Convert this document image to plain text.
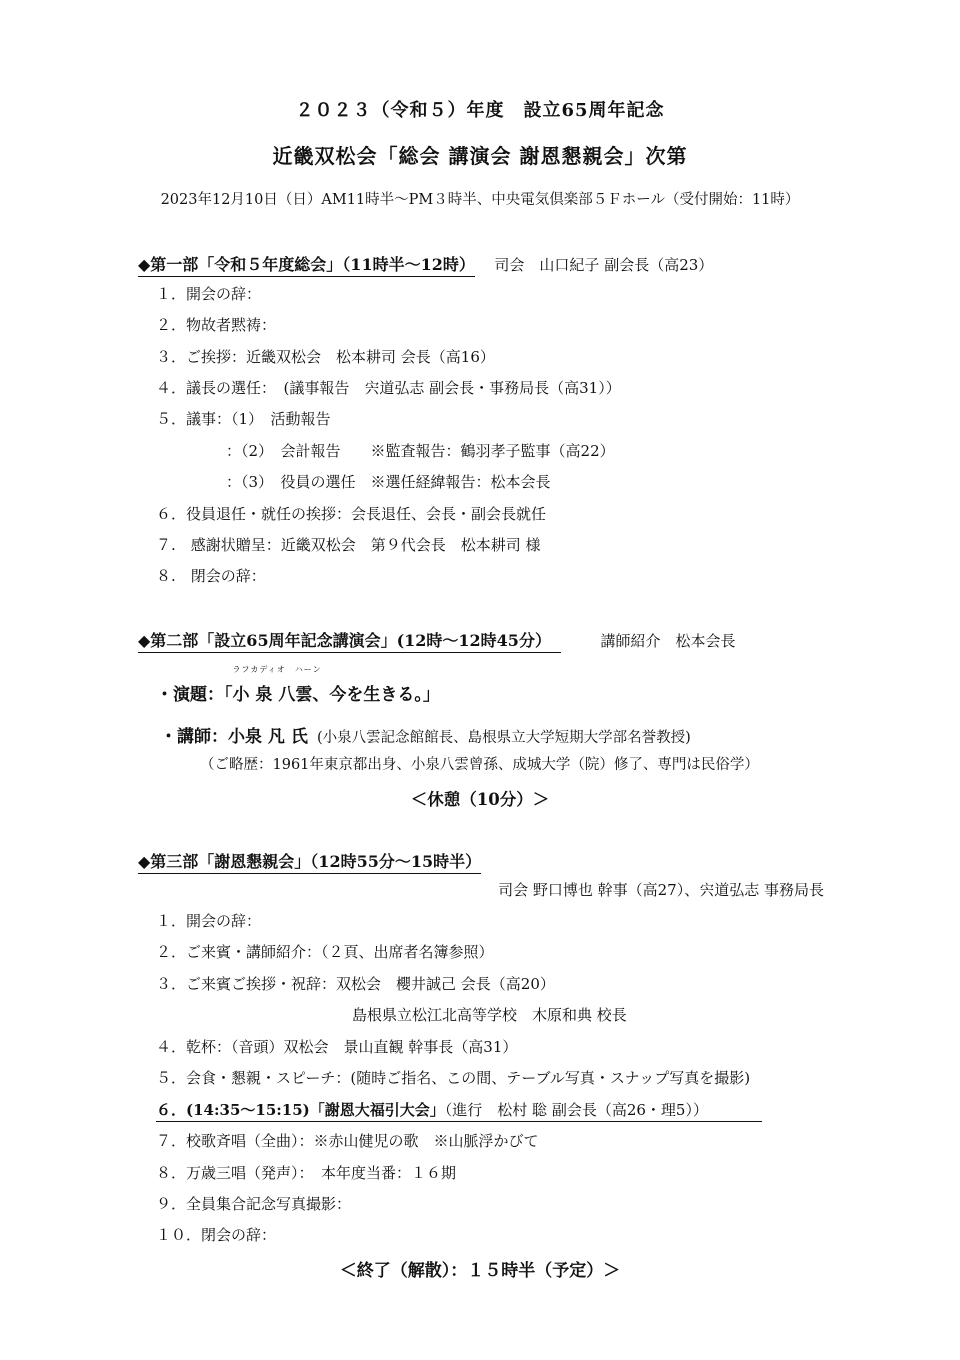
２０２３（令和５）年度　設立65周年記念
近畿双松会「総会 講演会 謝恩懇親会」次第
2023年12月10日（日）AM11時半～PM３時半、中央電気倶楽部５Ｆホール（受付開始：11時）
◆第一部「令和５年度総会」（11時半～12時） 司会　山口紀子 副会長（高23）
１．開会の辞：
２．物故者黙祷：
３．ご挨拶：近畿双松会　松本耕司 会長（高16）
４．議長の選任：　(議事報告　宍道弘志 副会長・事務局長（高31））
５．議事：（1）　活動報告
：（2）　会計報告　　※監査報告：鶴羽孝子監事（高22）
：（3）　役員の選任　※選任経緯報告：松本会長
６．役員退任・就任の挨拶：会長退任、会長・副会長就任
７.　感謝状贈呈：近畿双松会　第９代会長　松本耕司 様
８.　閉会の辞：
◆第二部「設立65周年記念講演会」(12時～12時45分）	講師紹介　松本会長
・演題：「
ラフカディオ　ハーン
小 泉 八雲、今を生きる。」
・講師：小泉 凡 氏 (小泉八雲記念館館長、島根県立大学短期大学部名誉教授)
（ご略歴：1961年東京都出身、小泉八雲曾孫、成城大学（院）修了、専門は民俗学）
＜休憩（10分）＞
◆第三部「謝恩懇親会」（12時55分～15時半）
司会 野口博也 幹事（高27）、宍道弘志 事務局長
１．開会の辞：
２．ご来賓・講師紹介：（２頁、出席者名簿参照）
３．ご来賓ご挨拶・祝辞：双松会　櫻井誠己 会長（高20）
島根県立松江北高等学校　木原和典 校長
４．乾杯：（音頭）双松会　景山直観 幹事長（高31）
５．会食・懇親・スピーチ：(随時ご指名、この間、テーブル写真・スナップ写真を撮影)
６．(14:35～15:15)「謝恩大福引大会」（進行　松村 聡 副会長（高26・理5））
７．校歌斉唱（全曲）：※赤山健児の歌　※山脈浮かびて
８．万歳三唱（発声）：　本年度当番：１６期
９．全員集合記念写真撮影：
１０．閉会の辞：
＜終了（解散）：１５時半（予定）＞
